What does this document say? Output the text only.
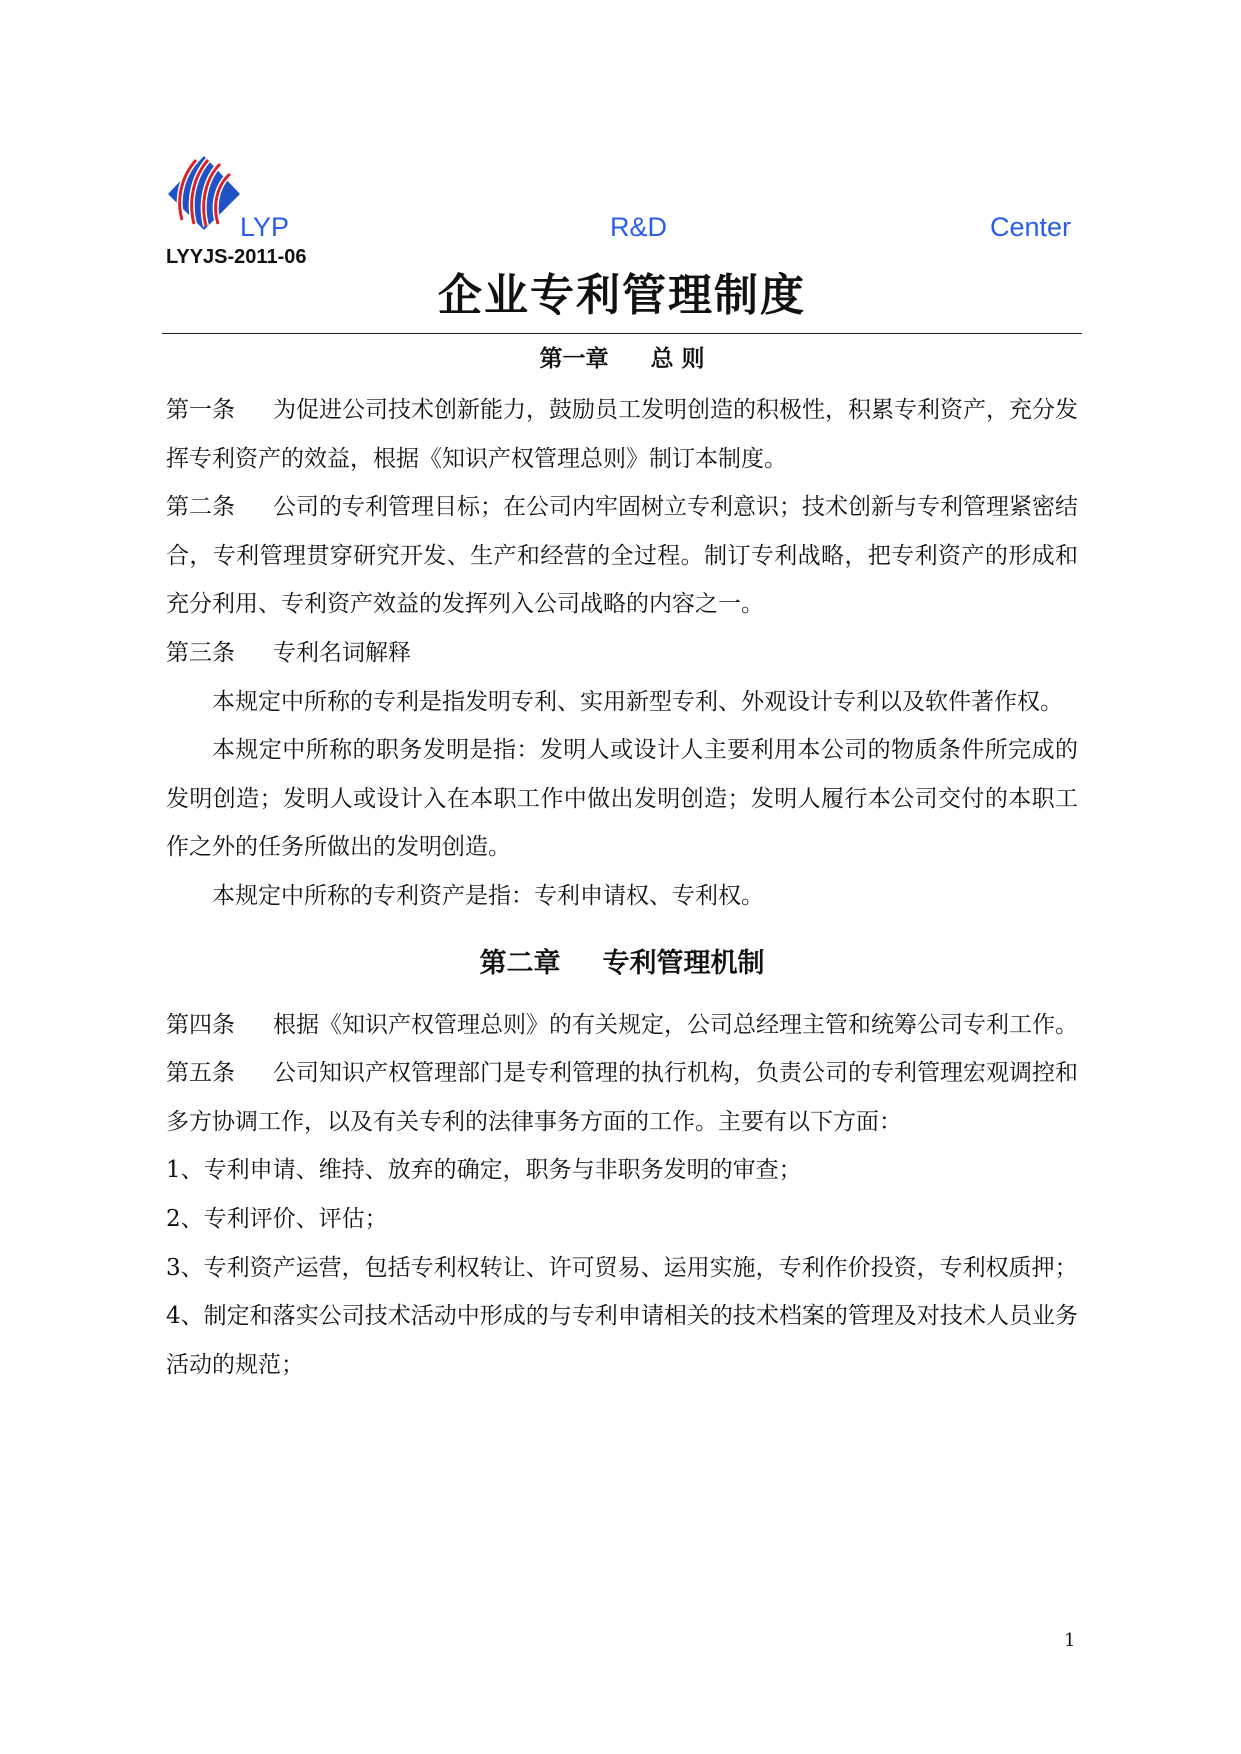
LYP	R&D	Center
LYYJS-2011-06
企业专利管理制度
第一章 总 则

第一条 为促进公司技术创新能力，鼓励员工发明创造的积极性，积累专利资产，充分发挥专利资产的效益，根据《知识产权管理总则》制订本制度。

第二条 公司的专利管理目标；在公司内牢固树立专利意识；技术创新与专利管理紧密结合，专利管理贯穿研究开发、生产和经营的全过程。制订专利战略，把专利资产的形成和充分利用、专利资产效益的发挥列入公司战略的内容之一。

第三条 专利名词解释

本规定中所称的专利是指发明专利、实用新型专利、外观设计专利以及软件著作权。

本规定中所称的职务发明是指：发明人或设计人主要利用本公司的物质条件所完成的发明创造；发明人或设计入在本职工作中做出发明创造；发明人履行本公司交付的本职工作之外的任务所做出的发明创造。

本规定中所称的专利资产是指：专利申请权、专利权。

第二章 专利管理机制

第四条 根据《知识产权管理总则》的有关规定，公司总经理主管和统筹公司专利工作。

第五条 公司知识产权管理部门是专利管理的执行机构，负责公司的专利管理宏观调控和多方协调工作，以及有关专利的法律事务方面的工作。主要有以下方面：

1、专利申请、维持、放弃的确定，职务与非职务发明的审查；

2、专利评价、评估；

3、专利资产运营，包括专利权转让、许可贸易、运用实施，专利作价投资，专利权质押；

4、制定和落实公司技术活动中形成的与专利申请相关的技术档案的管理及对技术人员业务活动的规范；

1
